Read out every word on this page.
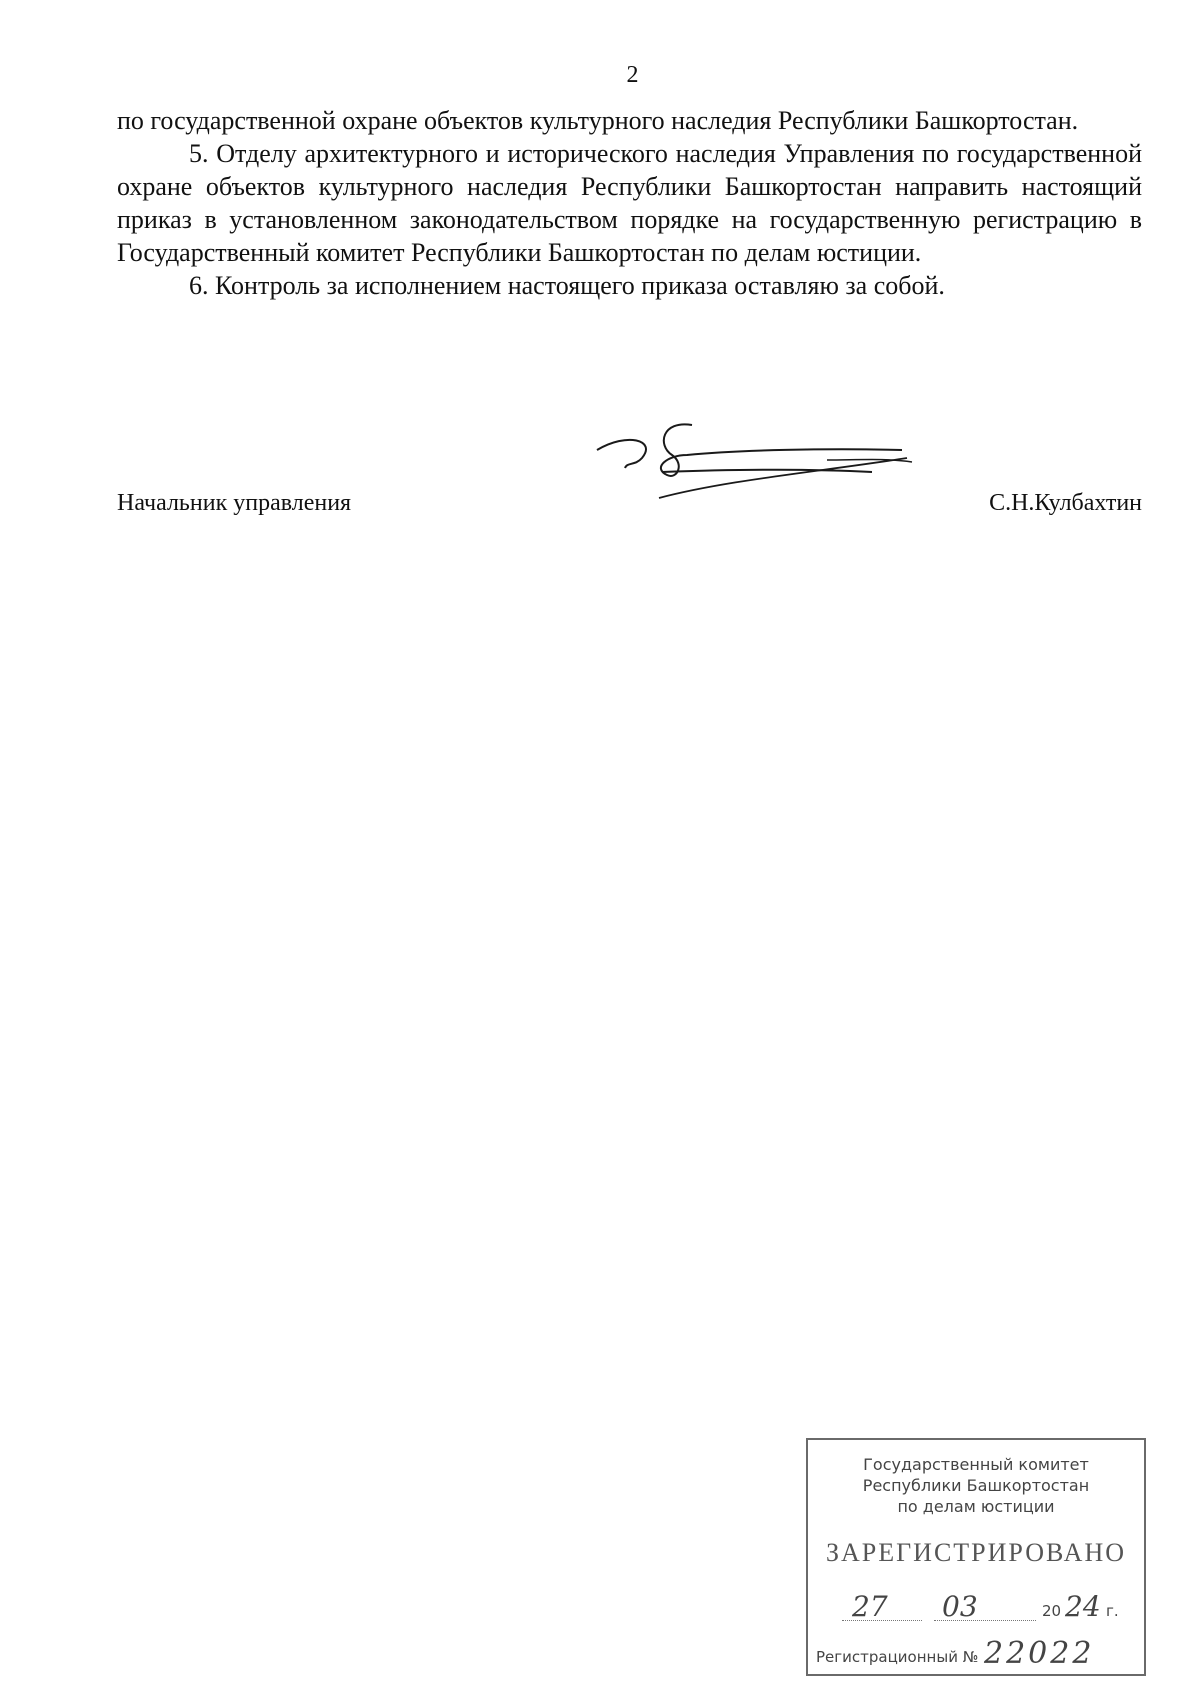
2

по государственной охране объектов культурного наследия Республики Башкортостан.

5. Отделу архитектурного и исторического наследия Управления по государственной охране объектов культурного наследия Республики Башкортостан направить настоящий приказ в установленном законодательством порядке на государственную регистрацию в Государственный комитет Республики Башкортостан по делам юстиции.

6. Контроль за исполнением настоящего приказа оставляю за собой.

Начальник управления	С.Н.Кулбахтин
Государственный комитет
Республики Башкортостан
по делам юстиции
ЗАРЕГИСТРИРОВАНО
27 03	20 24 г.
Регистрационный № 22022
